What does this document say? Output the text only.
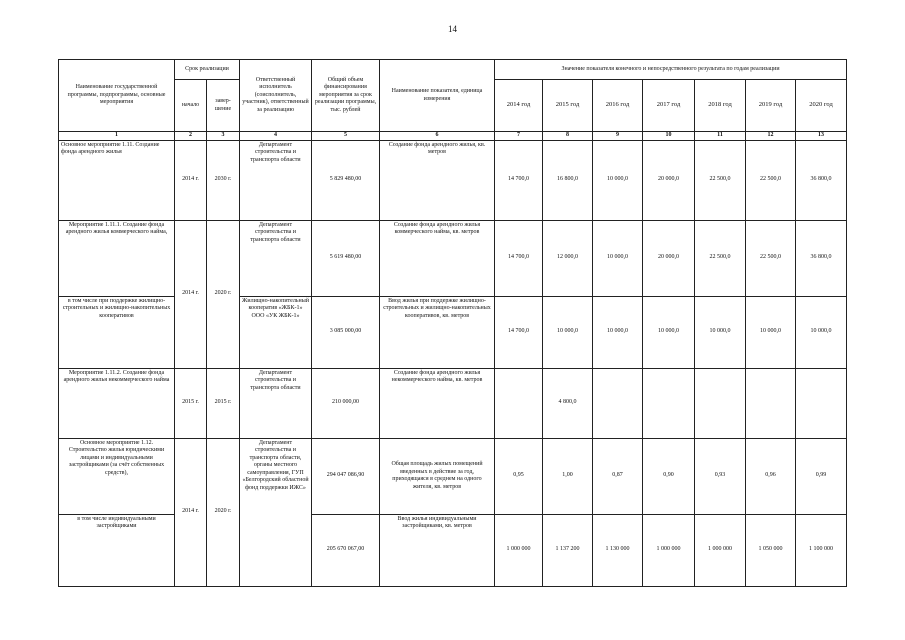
14
Наименование государственной программы, подпрограммы, основные мероприятия	Срок реализации		Ответственный исполнитель (соисполнитель, участник), ответственный за реализацию	Общий объем финансирования мероприятия за срок реализации программы, тыс. рублей	Наименование показателя, единица измерения	Значение показателя конечного и непосредственного результата по годам реализации						
	начало	завер-шение				2014 год	2015 год	2016 год	2017 год	2018 год	2019 год	2020 год
1	2	3	4	5	6	7	8	9	10	11	12	13
Основное мероприятие 1.11. Создание фонда арендного жилья	2014 г.	2030 г.	Департамент строительства и транспорта области	5 829 480,00	Создание фонда арендного жилья, кв. метров	14 700,0	16 800,0	10 000,0	20 000,0	22 500,0	22 500,0	36 800,0
Мероприятие 1.11.1. Создание фонда арендного жилья коммерческого найма,	2014 г.	2020 г.	Департамент строительства и транспорта области	5 619 480,00	Создание фонда арендного жилья коммерческого найма, кв. метров	14 700,0	12 000,0	10 000,0	20 000,0	22 500,0	22 500,0	36 800,0
в том числе при поддержке жилищно-строительных и жилищно-накопительных кооперативов			Жилищно-накопительный кооператив «ЖБК-1» ООО «УК ЖБК-1»	3 085 000,00	Ввод жилья при поддержке жилищно-строительных и жилищно-накопительных кооперативов, кв. метров	14 700,0	10 000,0	10 000,0	10 000,0	10 000,0	10 000,0	10 000,0
Мероприятие 1.11.2. Создание фонда арендного жилья некоммерческого найма	2015 г.	2015 г.	Департамент строительства и транспорта области	210 000,00	Создание фонда арендного жилья некоммерческого найма, кв. метров		4 800,0					
Основное мероприятие 1.12. Строительство жилья юридическими лицами и индивидуальными застройщиками (за счёт собственных средств),	2014 г.	2020 г.	Департамент строительства и транспорта области, органы местного самоуправления, ГУП «Белгородский областной фонд поддержки ИЖС»	294 047 086,90	Общая площадь жилых помещений введенных в действие за год, приходящаяся в среднем на одного жителя, кв. метров	0,95	1,00	0,87	0,90	0,93	0,96	0,99
в том числе индивидуальными застройщиками				205 670 067,00	Ввод жилья индивидуальными застройщиками, кв. метров	1 000 000	1 137 200	1 130 000	1 000 000	1 000 000	1 050 000	1 100 000
